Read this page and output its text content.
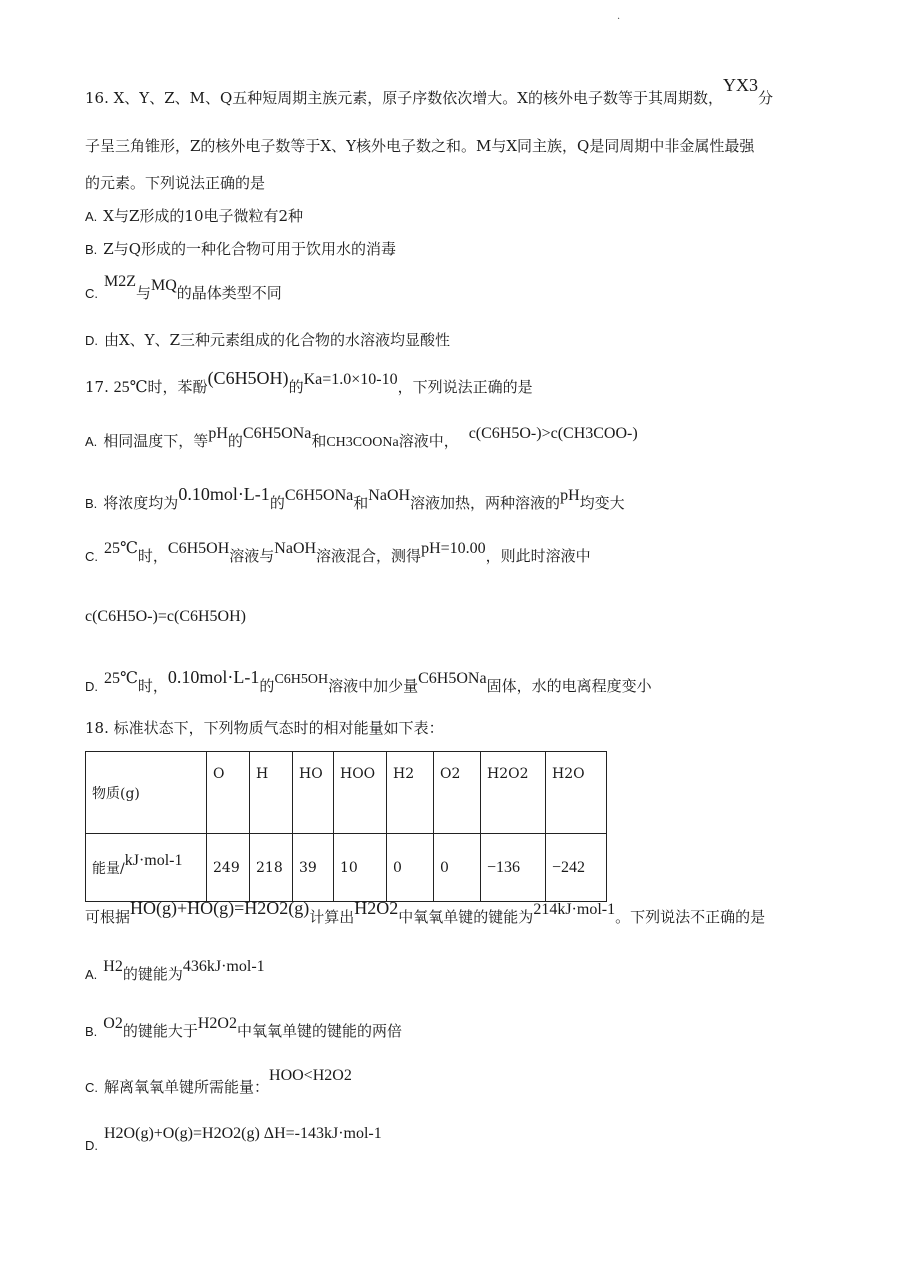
·
16. X、Y、Z、M、Q五种短周期主族元素，原子序数依次增大。X的核外电子数等于其周期数，YX3分
子呈三角锥形，Z的核外电子数等于X、Y核外电子数之和。M与X同主族，Q是同周期中非金属性最强
的元素。下列说法正确的是
A. X与Z形成的10电子微粒有2种
B. Z与Q形成的一种化合物可用于饮用水的消毒
C.M2Z与MQ的晶体类型不同
D. 由X、Y、Z三种元素组成的化合物的水溶液均显酸性
17. 25℃时，苯酚(C6H5OH)的Ka=1.0×10-10，下列说法正确的是
A. 相同温度下，等pH的C6H5ONa和CH3COONa溶液中， c(C6H5O-)>c(CH3COO-)
B. 将浓度均为0.10mol·L-1的C6H5ONa和NaOH溶液加热，两种溶液的pH均变大
C. 25℃时，C6H5OH溶液与NaOH溶液混合，测得pH=10.00，则此时溶液中
c(C6H5O-)=c(C6H5OH)
D. 25℃时，0.10mol·L-1的C6H5OH溶液中加少量C6H5ONa固体，水的电离程度变小
18. 标准状态下，下列物质气态时的相对能量如下表：
物质(g)	O	H	HO	HOO	H2	O2	H2O2	H2O
能量/kJ·mol-1	249	218	39	10	0	0	−136	−242
可根据HO(g)+HO(g)=H2O2(g)计算出H2O2中氧氧单键的键能为214kJ·mol-1。下列说法不正确的是
A. H2的键能为436kJ·mol-1
B. O2的键能大于H2O2中氧氧单键的键能的两倍
C. 解离氧氧单键所需能量：HOO<H2O2
D.H2O(g)+O(g)=H2O2(g) ΔH=-143kJ·mol-1
